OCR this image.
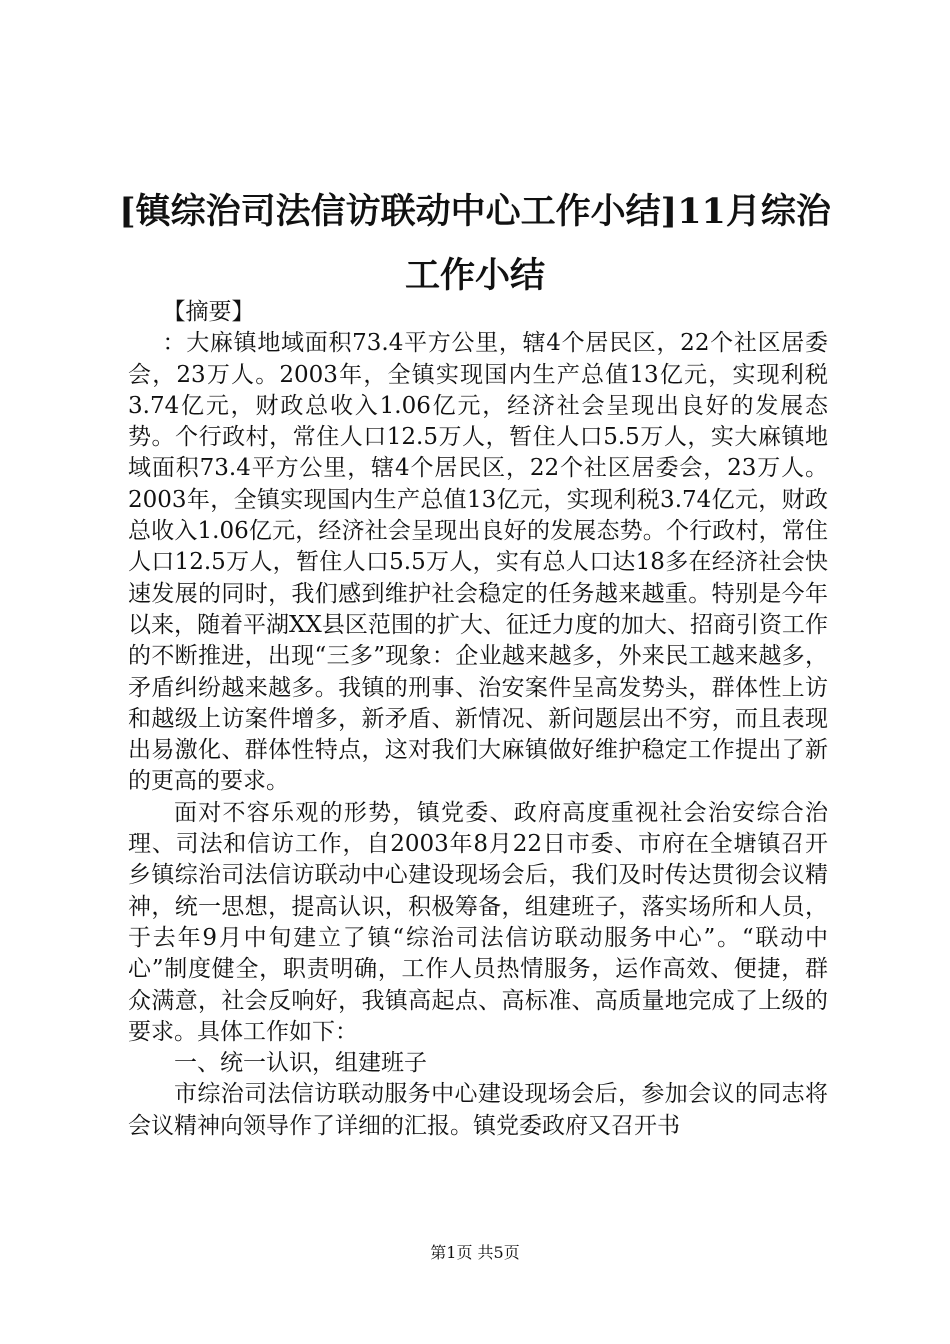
[镇综治司法信访联动中心工作小结]11月综治工作小结

【摘要】

：大麻镇地域面积73.4平方公里，辖4个居民区，22个社区居委会，23万人。2003年，全镇实现国内生产总值13亿元，实现利税3.74亿元，财政总收入1.06亿元，经济社会呈现出良好的发展态势。个行政村，常住人口12.5万人，暂住人口5.5万人，实大麻镇地域面积73.4平方公里，辖4个居民区，22个社区居委会，23万人。2003年，全镇实现国内生产总值13亿元，实现利税3.74亿元，财政总收入1.06亿元，经济社会呈现出良好的发展态势。个行政村，常住人口12.5万人，暂住人口5.5万人，实有总人口达18多在经济社会快速发展的同时，我们感到维护社会稳定的任务越来越重。特别是今年以来，随着平湖XX县区范围的扩大、征迁力度的加大、招商引资工作的不断推进，出现“三多”现象：企业越来越多，外来民工越来越多，矛盾纠纷越来越多。我镇的刑事、治安案件呈高发势头，群体性上访和越级上访案件增多，新矛盾、新情况、新问题层出不穷，而且表现出易激化、群体性特点，这对我们大麻镇做好维护稳定工作提出了新的更高的要求。

面对不容乐观的形势，镇党委、政府高度重视社会治安综合治理、司法和信访工作，自2003年8月22日市委、市府在全塘镇召开乡镇综治司法信访联动中心建设现场会后，我们及时传达贯彻会议精神，统一思想，提高认识，积极筹备，组建班子，落实场所和人员，于去年9月中旬建立了镇“综治司法信访联动服务中心”。“联动中心”制度健全，职责明确，工作人员热情服务，运作高效、便捷，群众满意，社会反响好，我镇高起点、高标准、高质量地完成了上级的要求。具体工作如下：

一、统一认识，组建班子

市综治司法信访联动服务中心建设现场会后，参加会议的同志将会议精神向领导作了详细的汇报。镇党委政府又召开书

第1页 共5页
